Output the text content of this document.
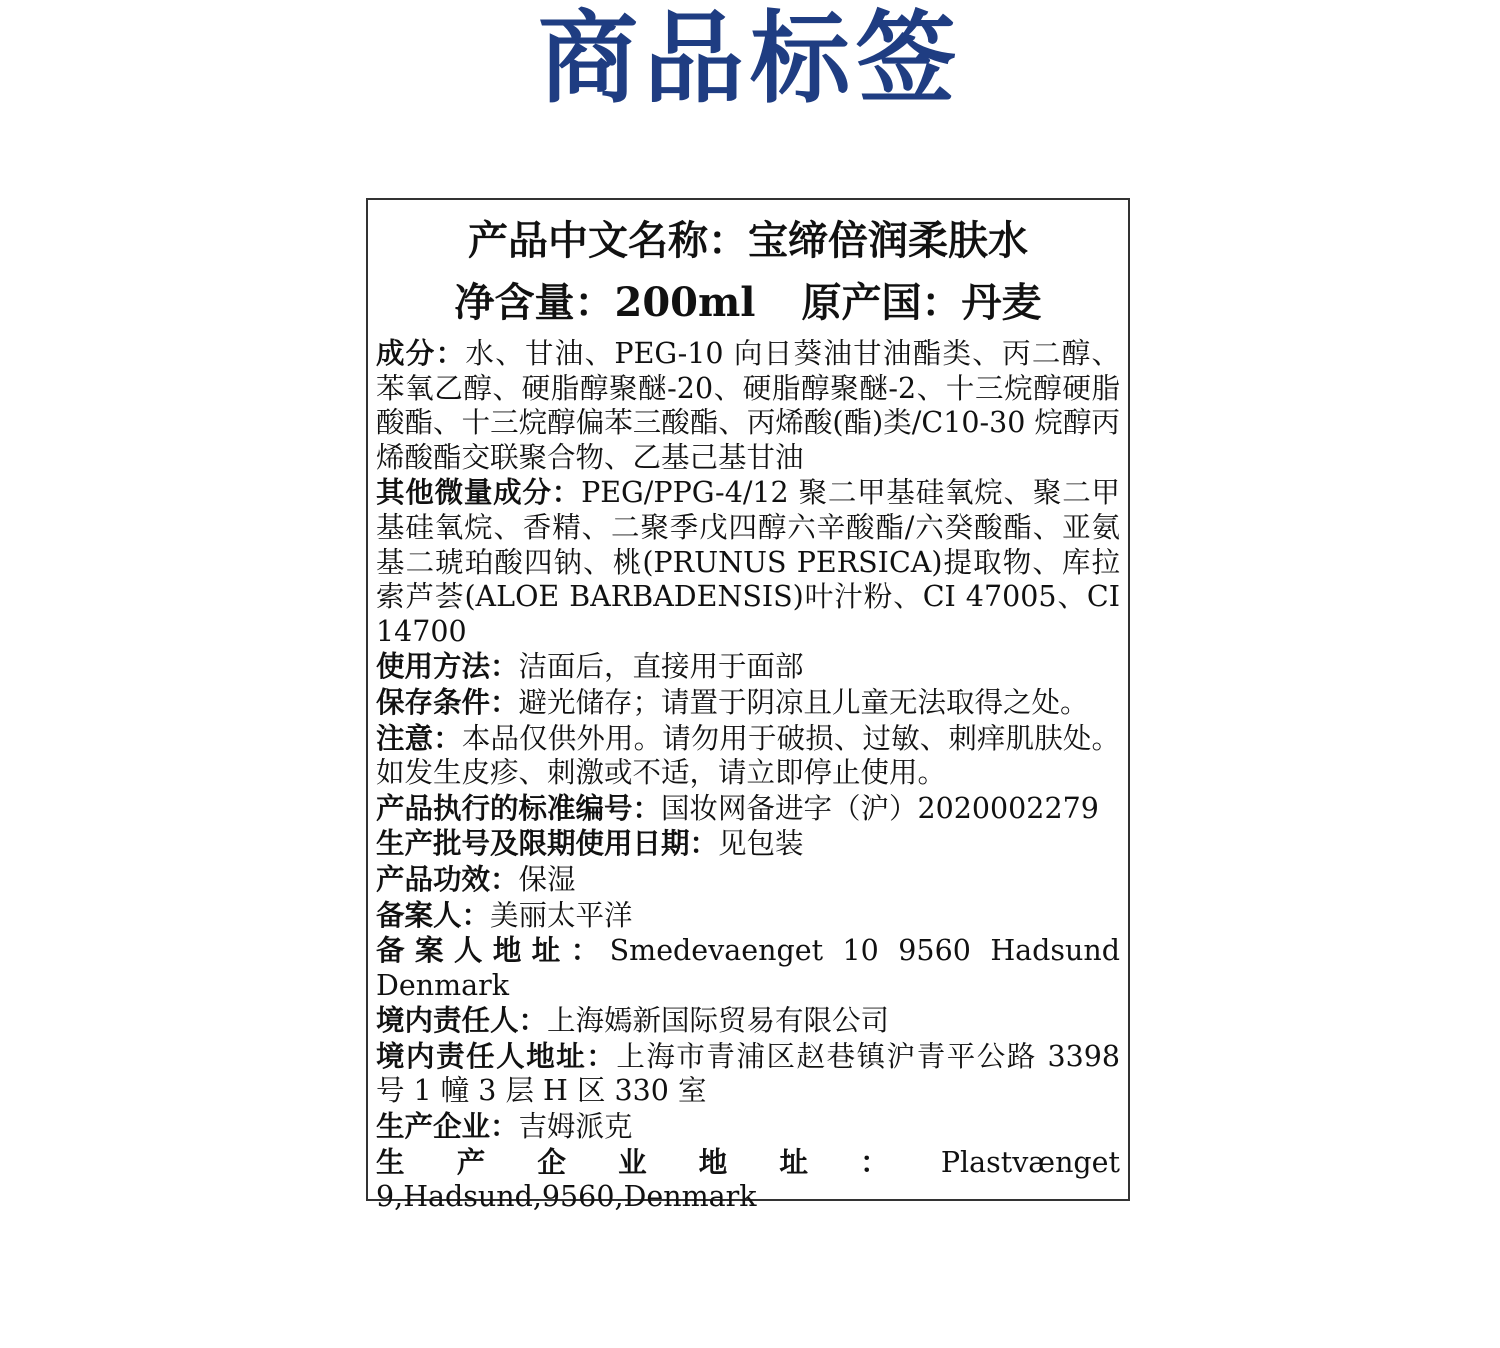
商品标签
产品中文名称：宝缔倍润柔肤水
净含量：200ml 原产国：丹麦
成分：水、甘油、PEG-10 向日葵油甘油酯类、丙二醇、苯氧乙醇、硬脂醇聚醚-20、硬脂醇聚醚-2、十三烷醇硬脂酸酯、十三烷醇偏苯三酸酯、丙烯酸(酯)类/C10-30 烷醇丙烯酸酯交联聚合物、乙基己基甘油
其他微量成分：PEG/PPG-4/12 聚二甲基硅氧烷、聚二甲基硅氧烷、香精、二聚季戊四醇六辛酸酯/六癸酸酯、亚氨基二琥珀酸四钠、桃(PRUNUS PERSICA)提取物、库拉索芦荟(ALOE BARBADENSIS)叶汁粉、CI 47005、CI 14700
使用方法：洁面后，直接用于面部
保存条件：避光储存；请置于阴凉且儿童无法取得之处。
注意：本品仅供外用。请勿用于破损、过敏、刺痒肌肤处。如发生皮疹、刺激或不适，请立即停止使用。
产品执行的标准编号：国妆网备进字（沪）2020002279
生产批号及限期使用日期：见包装
产品功效：保湿
备案人：美丽太平洋
备案人地址：Smedevaenget 10 9560 Hadsund Denmark
境内责任人：上海嫣新国际贸易有限公司
境内责任人地址：上海市青浦区赵巷镇沪青平公路 3398 号 1 幢 3 层 H 区 330 室
生产企业：吉姆派克
生产企业地址：Plastvænget 9,Hadsund,9560,Denmark
